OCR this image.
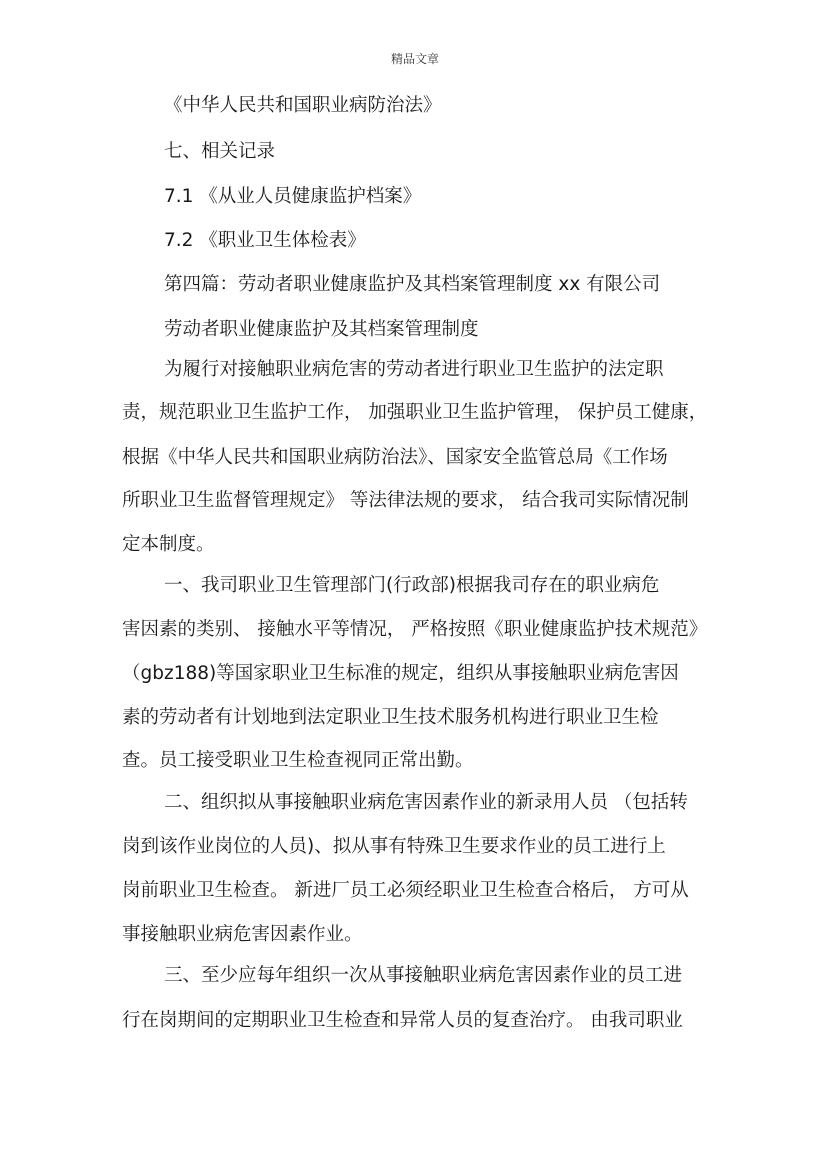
精品文章
《中华人民共和国职业病防治法》
七、相关记录
7.1 《从业人员健康监护档案》
7.2 《职业卫生体检表》
第四篇：劳动者职业健康监护及其档案管理制度 xx 有限公司
劳动者职业健康监护及其档案管理制度
为履行对接触职业病危害的劳动者进行职业卫生监护的法定职
责，规范职业卫生监护工作， 加强职业卫生监护管理， 保护员工健康，
根据《中华人民共和国职业病防治法》、国家安全监管总局《工作场
所职业卫生监督管理规定》 等法律法规的要求， 结合我司实际情况制
定本制度。
一、我司职业卫生管理部门(行政部)根据我司存在的职业病危
害因素的类别、 接触水平等情况， 严格按照《职业健康监护技术规范》
（gbz188)等国家职业卫生标准的规定，组织从事接触职业病危害因
素的劳动者有计划地到法定职业卫生技术服务机构进行职业卫生检
查。员工接受职业卫生检查视同正常出勤。
二、组织拟从事接触职业病危害因素作业的新录用人员 （包括转
岗到该作业岗位的人员)、拟从事有特殊卫生要求作业的员工进行上
岗前职业卫生检查。 新进厂员工必须经职业卫生检查合格后， 方可从
事接触职业病危害因素作业。
三、至少应每年组织一次从事接触职业病危害因素作业的员工进
行在岗期间的定期职业卫生检查和异常人员的复查治疗。 由我司职业
